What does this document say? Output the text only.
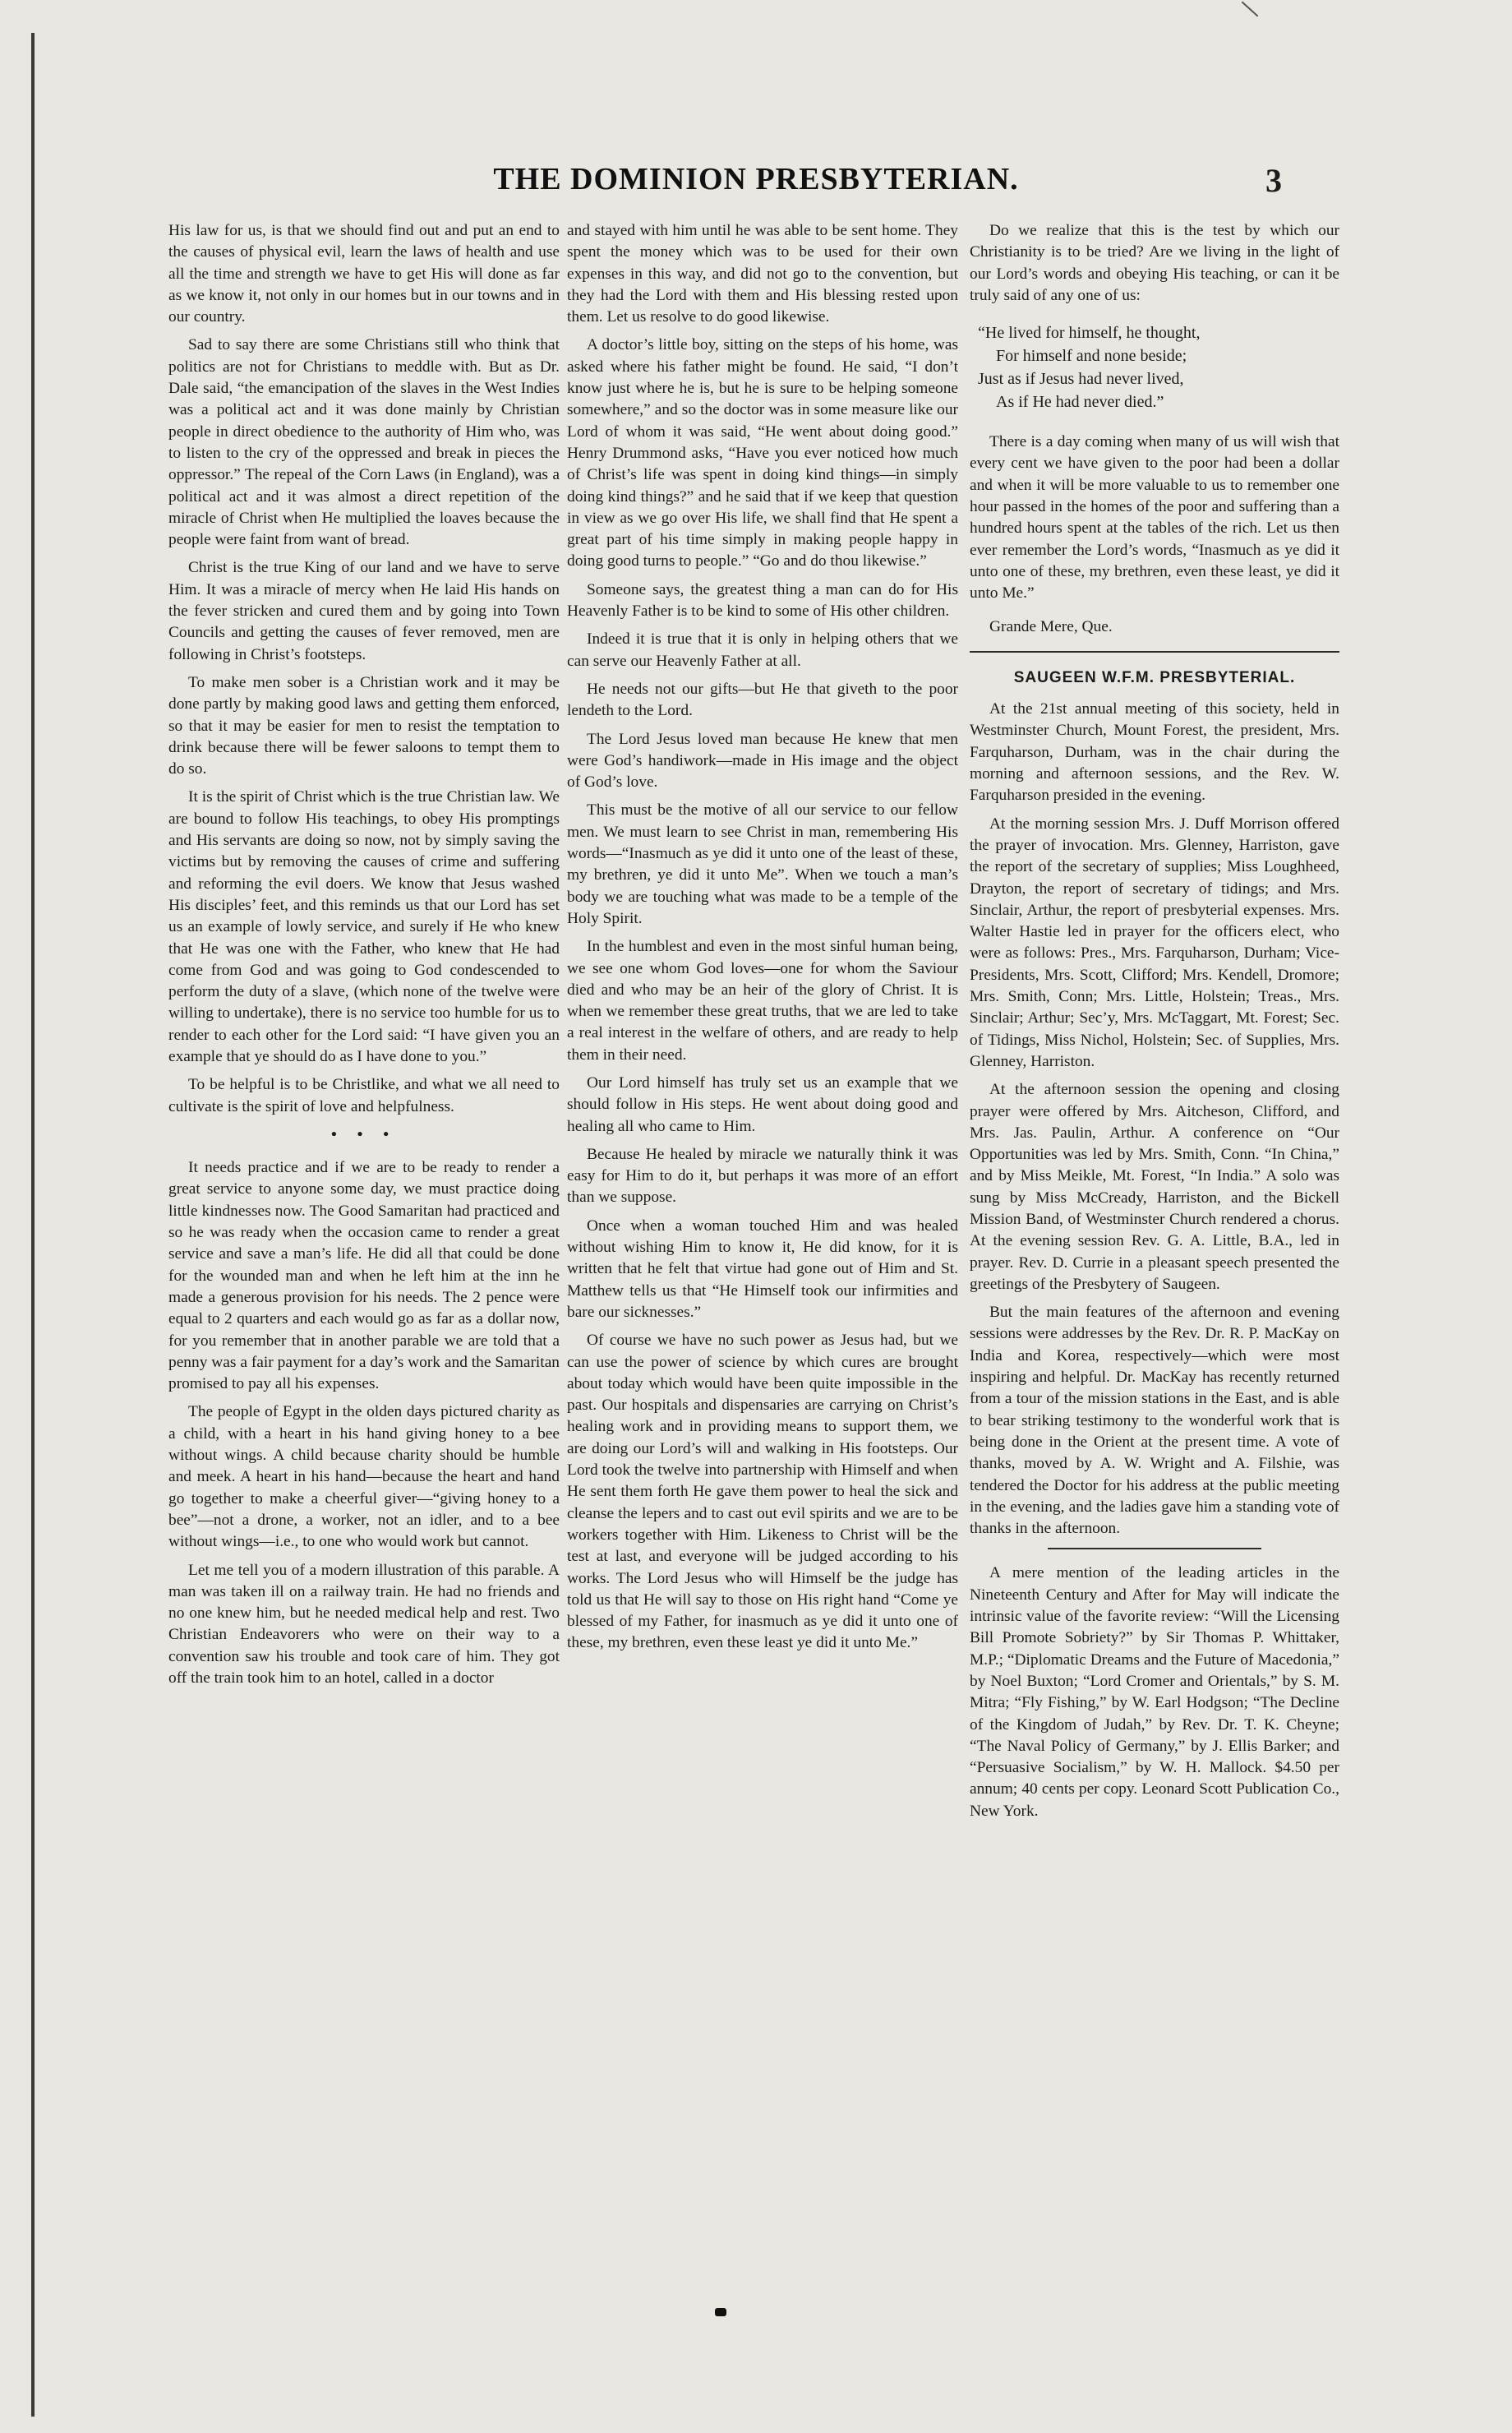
THE DOMINION PRESBYTERIAN.	3

His law for us, is that we should find out and put an end to the causes of physical evil, learn the laws of health and use all the time and strength we have to get His will done as far as we know it, not only in our homes but in our towns and in our country.

Sad to say there are some Christians still who think that politics are not for Christians to meddle with. But as Dr. Dale said, “the emancipation of the slaves in the West Indies was a political act and it was done mainly by Christian people in direct obedience to the authority of Him who, was to listen to the cry of the oppressed and break in pieces the oppressor.” The repeal of the Corn Laws (in England), was a political act and it was almost a direct repetition of the miracle of Christ when He multiplied the loaves because the people were faint from want of bread.

Christ is the true King of our land and we have to serve Him. It was a miracle of mercy when He laid His hands on the fever stricken and cured them and by going into Town Councils and getting the causes of fever removed, men are following in Christ’s footsteps.

To make men sober is a Christian work and it may be done partly by making good laws and getting them enforced, so that it may be easier for men to resist the temptation to drink because there will be fewer saloons to tempt them to do so.

It is the spirit of Christ which is the true Christian law. We are bound to follow His teachings, to obey His promptings and His servants are doing so now, not by simply saving the victims but by removing the causes of crime and suffering and reforming the evil doers. We know that Jesus washed His disciples’ feet, and this reminds us that our Lord has set us an example of lowly service, and surely if He who knew that He was one with the Father, who knew that He had come from God and was going to God condescended to perform the duty of a slave, (which none of the twelve were willing to undertake), there is no service too humble for us to render to each other for the Lord said: “I have given you an example that ye should do as I have done to you.”

To be helpful is to be Christlike, and what we all need to cultivate is the spirit of love and helpfulness.

• • •

It needs practice and if we are to be ready to render a great service to anyone some day, we must practice doing little kindnesses now. The Good Samaritan had practiced and so he was ready when the occasion came to render a great service and save a man’s life. He did all that could be done for the wounded man and when he left him at the inn he made a generous provision for his needs. The 2 pence were equal to 2 quarters and each would go as far as a dollar now, for you remember that in another parable we are told that a penny was a fair payment for a day’s work and the Samaritan promised to pay all his expenses.

The people of Egypt in the olden days pictured charity as a child, with a heart in his hand giving honey to a bee without wings. A child because charity should be humble and meek. A heart in his hand—because the heart and hand go together to make a cheerful giver—“giving honey to a bee”—not a drone, a worker, not an idler, and to a bee without wings—i.e., to one who would work but cannot.

Let me tell you of a modern illustration of this parable. A man was taken ill on a railway train. He had no friends and no one knew him, but he needed medical help and rest. Two Christian Endeavorers who were on their way to a convention saw his trouble and took care of him. They got off the train took him to an hotel, called in a doctor

and stayed with him until he was able to be sent home. They spent the money which was to be used for their own expenses in this way, and did not go to the convention, but they had the Lord with them and His blessing rested upon them. Let us resolve to do good likewise.

A doctor’s little boy, sitting on the steps of his home, was asked where his father might be found. He said, “I don’t know just where he is, but he is sure to be helping someone somewhere,” and so the doctor was in some measure like our Lord of whom it was said, “He went about doing good.” Henry Drummond asks, “Have you ever noticed how much of Christ’s life was spent in doing kind things—in simply doing kind things?” and he said that if we keep that question in view as we go over His life, we shall find that He spent a great part of his time simply in making people happy in doing good turns to people.” “Go and do thou likewise.”

Someone says, the greatest thing a man can do for His Heavenly Father is to be kind to some of His other children.

Indeed it is true that it is only in helping others that we can serve our Heavenly Father at all.

He needs not our gifts—but He that giveth to the poor lendeth to the Lord.

The Lord Jesus loved man because He knew that men were God’s handiwork—made in His image and the object of God’s love.

This must be the motive of all our service to our fellow men. We must learn to see Christ in man, remembering His words—“Inasmuch as ye did it unto one of the least of these, my brethren, ye did it unto Me”. When we touch a man’s body we are touching what was made to be a temple of the Holy Spirit.

In the humblest and even in the most sinful human being, we see one whom God loves—one for whom the Saviour died and who may be an heir of the glory of Christ. It is when we remember these great truths, that we are led to take a real interest in the welfare of others, and are ready to help them in their need.

Our Lord himself has truly set us an example that we should follow in His steps. He went about doing good and healing all who came to Him.

Because He healed by miracle we naturally think it was easy for Him to do it, but perhaps it was more of an effort than we suppose.

Once when a woman touched Him and was healed without wishing Him to know it, He did know, for it is written that he felt that virtue had gone out of Him and St. Matthew tells us that “He Himself took our infirmities and bare our sicknesses.”

Of course we have no such power as Jesus had, but we can use the power of science by which cures are brought about today which would have been quite impossible in the past. Our hospitals and dispensaries are carrying on Christ’s healing work and in providing means to support them, we are doing our Lord’s will and walking in His footsteps. Our Lord took the twelve into partnership with Himself and when He sent them forth He gave them power to heal the sick and cleanse the lepers and to cast out evil spirits and we are to be workers together with Him. Likeness to Christ will be the test at last, and everyone will be judged according to his works. The Lord Jesus who will Himself be the judge has told us that He will say to those on His right hand “Come ye blessed of my Father, for inasmuch as ye did it unto one of these, my brethren, even these least ye did it unto Me.”

Do we realize that this is the test by which our Christianity is to be tried? Are we living in the light of our Lord’s words and obeying His teaching, or can it be truly said of any one of us:

“He lived for himself, he thought,
For himself and none beside;
Just as if Jesus had never lived,
As if He had never died.”

There is a day coming when many of us will wish that every cent we have given to the poor had been a dollar and when it will be more valuable to us to remember one hour passed in the homes of the poor and suffering than a hundred hours spent at the tables of the rich. Let us then ever remember the Lord’s words, “Inasmuch as ye did it unto one of these, my brethren, even these least, ye did it unto Me.”

Grande Mere, Que.
SAUGEEN W.F.M. PRESBYTERIAL.

At the 21st annual meeting of this society, held in Westminster Church, Mount Forest, the president, Mrs. Farquharson, Durham, was in the chair during the morning and afternoon sessions, and the Rev. W. Farquharson presided in the evening.

At the morning session Mrs. J. Duff Morrison offered the prayer of invocation. Mrs. Glenney, Harriston, gave the report of the secretary of supplies; Miss Loughheed, Drayton, the report of secretary of tidings; and Mrs. Sinclair, Arthur, the report of presbyterial expenses. Mrs. Walter Hastie led in prayer for the officers elect, who were as follows: Pres., Mrs. Farquharson, Durham; Vice-Presidents, Mrs. Scott, Clifford; Mrs. Kendell, Dromore; Mrs. Smith, Conn; Mrs. Little, Holstein; Treas., Mrs. Sinclair; Arthur; Sec’y, Mrs. McTaggart, Mt. Forest; Sec. of Tidings, Miss Nichol, Holstein; Sec. of Supplies, Mrs. Glenney, Harriston.

At the afternoon session the opening and closing prayer were offered by Mrs. Aitcheson, Clifford, and Mrs. Jas. Paulin, Arthur. A conference on “Our Opportunities was led by Mrs. Smith, Conn. “In China,” and by Miss Meikle, Mt. Forest, “In India.” A solo was sung by Miss McCready, Harriston, and the Bickell Mission Band, of Westminster Church rendered a chorus. At the evening session Rev. G. A. Little, B.A., led in prayer. Rev. D. Currie in a pleasant speech presented the greetings of the Presbytery of Saugeen.

But the main features of the afternoon and evening sessions were addresses by the Rev. Dr. R. P. MacKay on India and Korea, respectively—which were most inspiring and helpful. Dr. MacKay has recently returned from a tour of the mission stations in the East, and is able to bear striking testimony to the wonderful work that is being done in the Orient at the present time. A vote of thanks, moved by A. W. Wright and A. Filshie, was tendered the Doctor for his address at the public meeting in the evening, and the ladies gave him a standing vote of thanks in the afternoon.

A mere mention of the leading articles in the Nineteenth Century and After for May will indicate the intrinsic value of the favorite review: “Will the Licensing Bill Promote Sobriety?” by Sir Thomas P. Whittaker, M.P.; “Diplomatic Dreams and the Future of Macedonia,” by Noel Buxton; “Lord Cromer and Orientals,” by S. M. Mitra; “Fly Fishing,” by W. Earl Hodgson; “The Decline of the Kingdom of Judah,” by Rev. Dr. T. K. Cheyne; “The Naval Policy of Germany,” by J. Ellis Barker; and “Persuasive Socialism,” by W. H. Mallock. $4.50 per annum; 40 cents per copy. Leonard Scott Publication Co., New York.
